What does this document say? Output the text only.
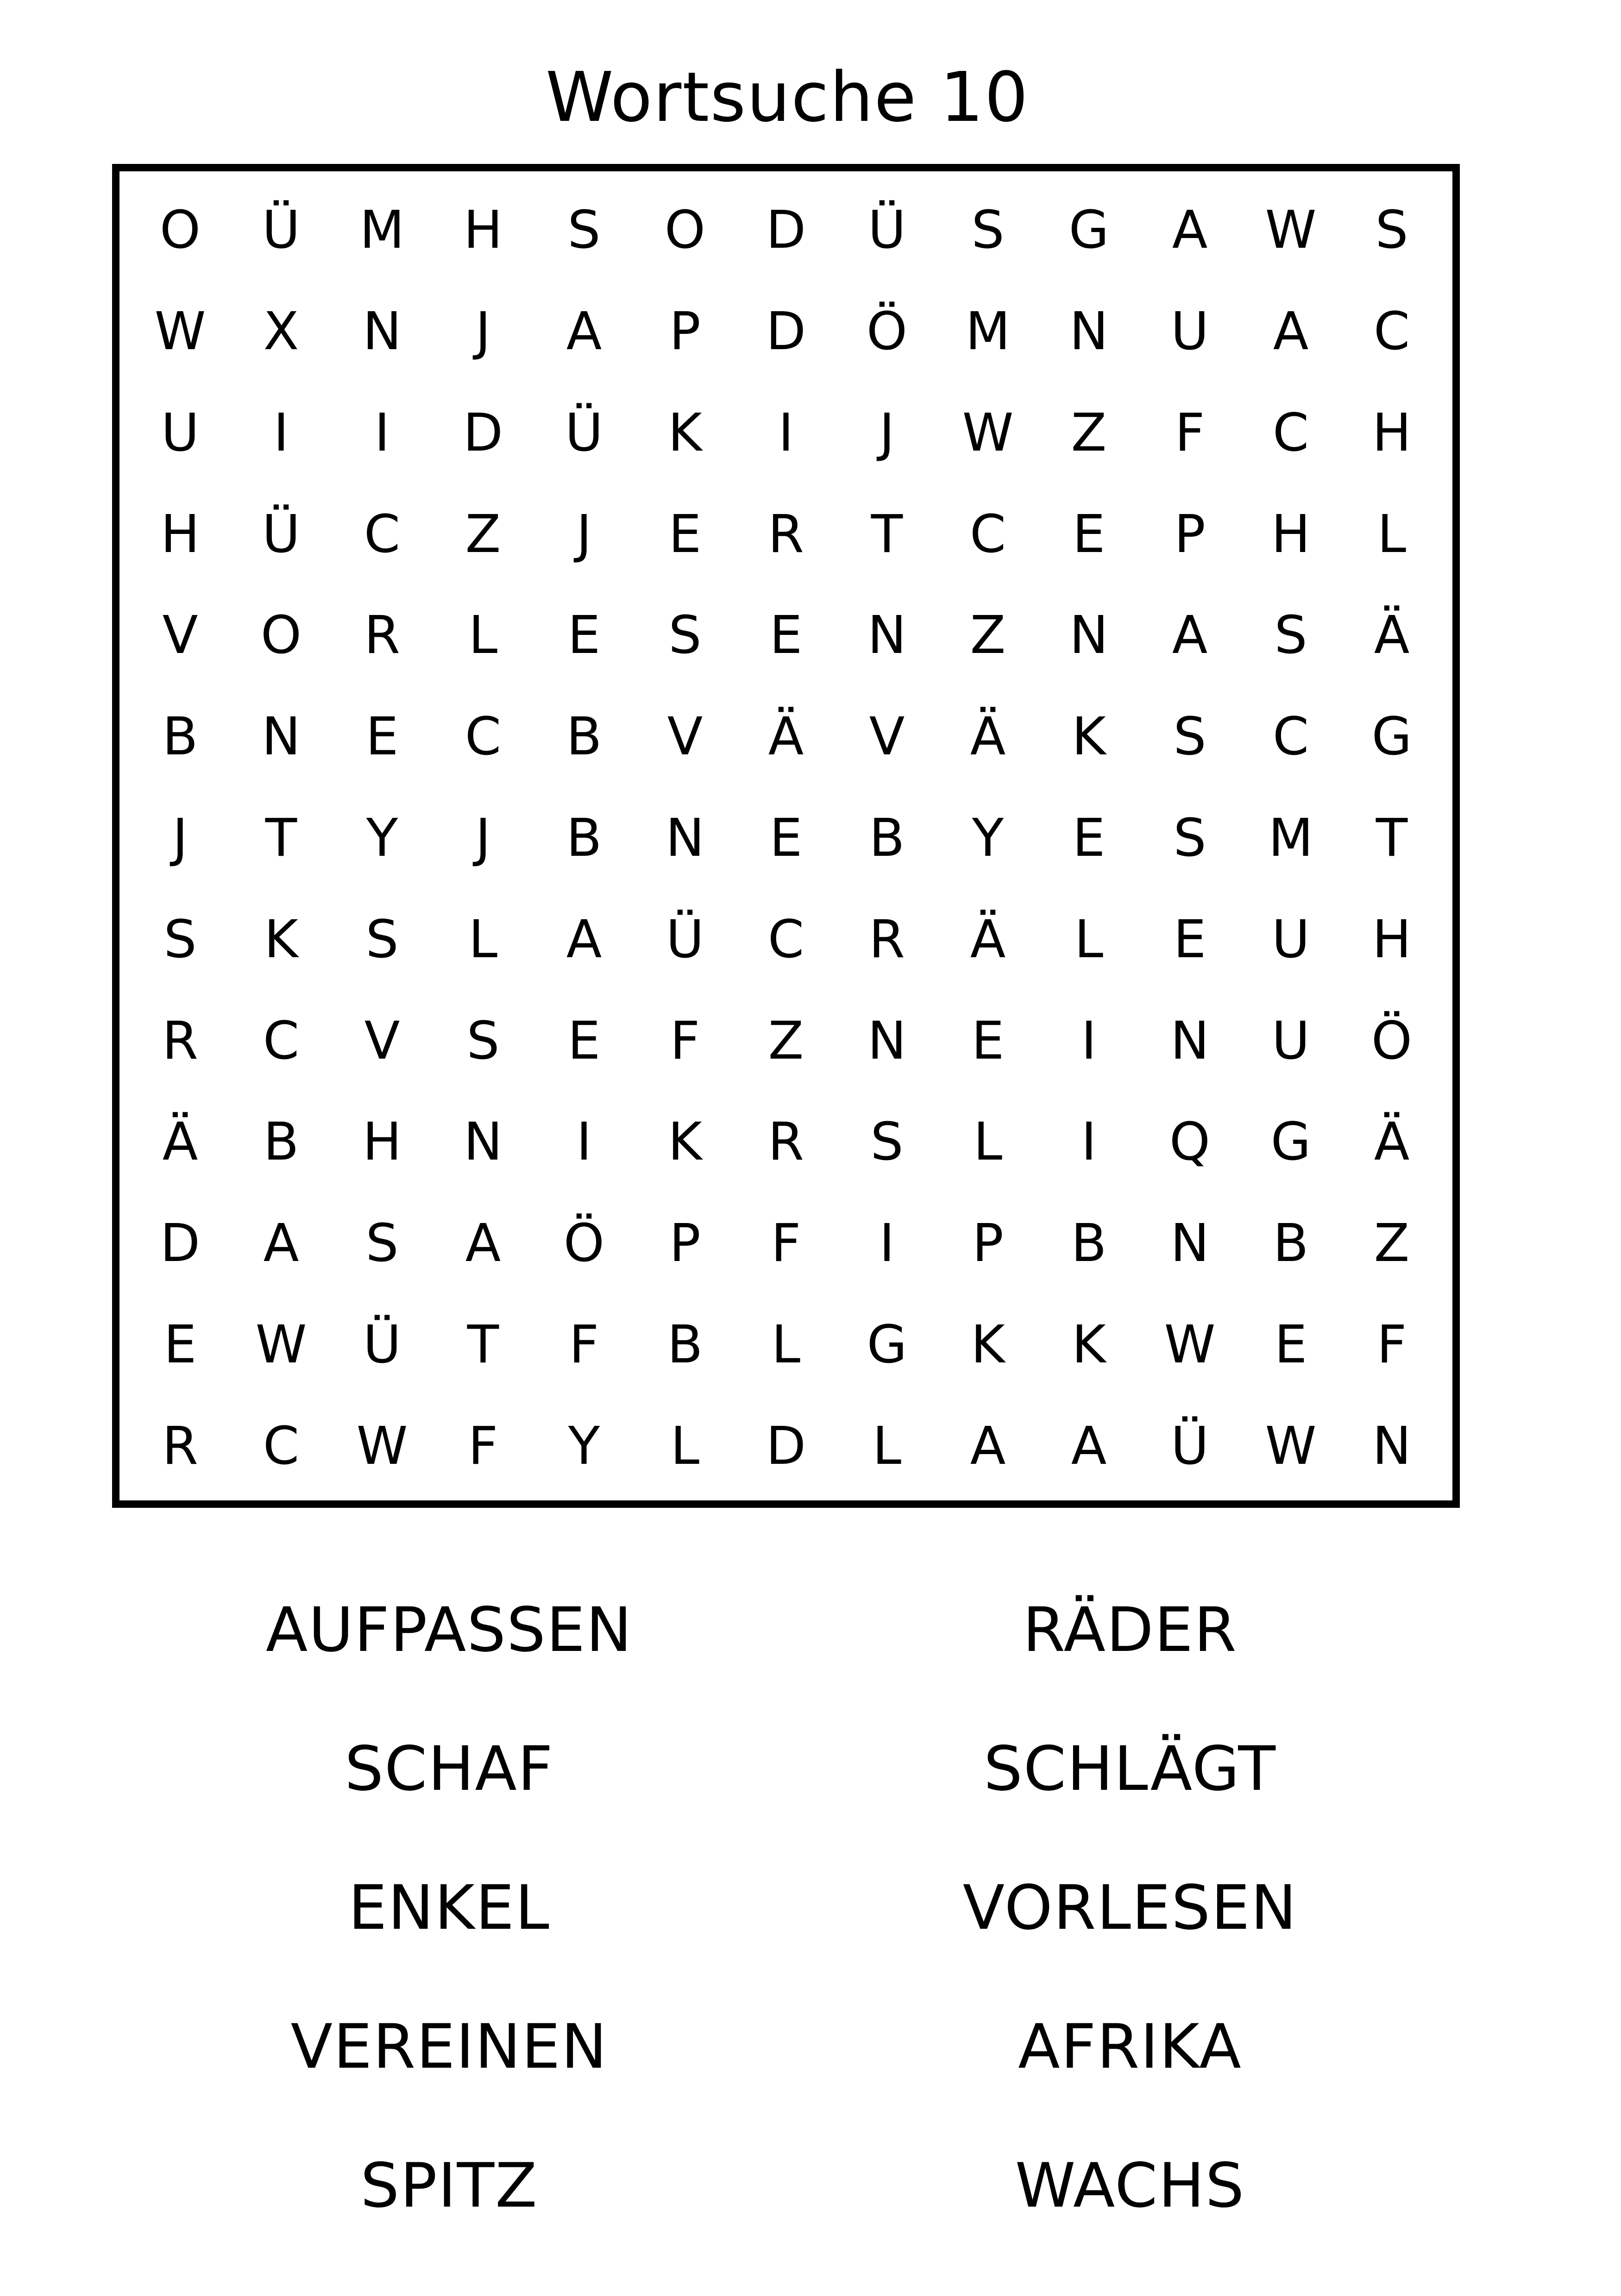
Wortsuche 10
O	Ü	M	H	S	O	D	Ü	S	G	A	W	S
W	X	N	J	A	P	D	Ö	M	N	U	A	C
U	I	I	D	Ü	K	I	J	W	Z	F	C	H
H	Ü	C	Z	J	E	R	T	C	E	P	H	L
V	O	R	L	E	S	E	N	Z	N	A	S	Ä
B	N	E	C	B	V	Ä	V	Ä	K	S	C	G
J	T	Y	J	B	N	E	B	Y	E	S	M	T
S	K	S	L	A	Ü	C	R	Ä	L	E	U	H
R	C	V	S	E	F	Z	N	E	I	N	U	Ö
Ä	B	H	N	I	K	R	S	L	I	Q	G	Ä
D	A	S	A	Ö	P	F	I	P	B	N	B	Z
E	W	Ü	T	F	B	L	G	K	K	W	E	F
R	C	W	F	Y	L	D	L	A	A	Ü	W	N
AUFPASSEN
SCHAF
ENKEL
VEREINEN
SPITZ
RÄDER
SCHLÄGT
VORLESEN
AFRIKA
WACHS
